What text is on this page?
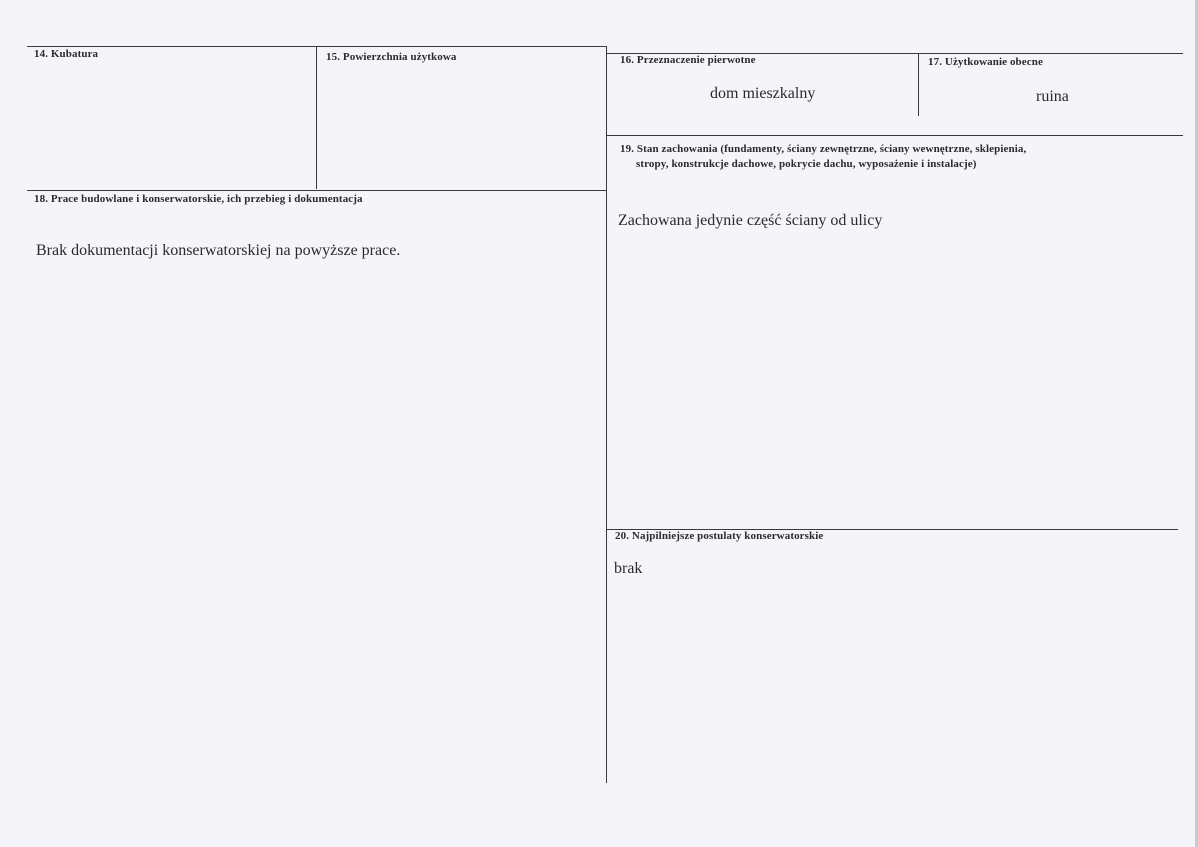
14. Kubatura	15. Powierzchnia użytkowa	16. Przeznaczenie pierwotne
dom mieszkalny
17. Użytkowanie obecne
ruina
18. Prace budowlane i konserwatorskie, ich przebieg i dokumentacja
Brak dokumentacji konserwatorskiej na powyższe prace.
19. Stan zachowania (fundamenty, ściany zewnętrzne, ściany wewnętrzne, sklepienia,
stropy, konstrukcje dachowe, pokrycie dachu, wyposażenie i instalacje)
Zachowana jedynie część ściany od ulicy
20. Najpilniejsze postulaty konserwatorskie
brak
